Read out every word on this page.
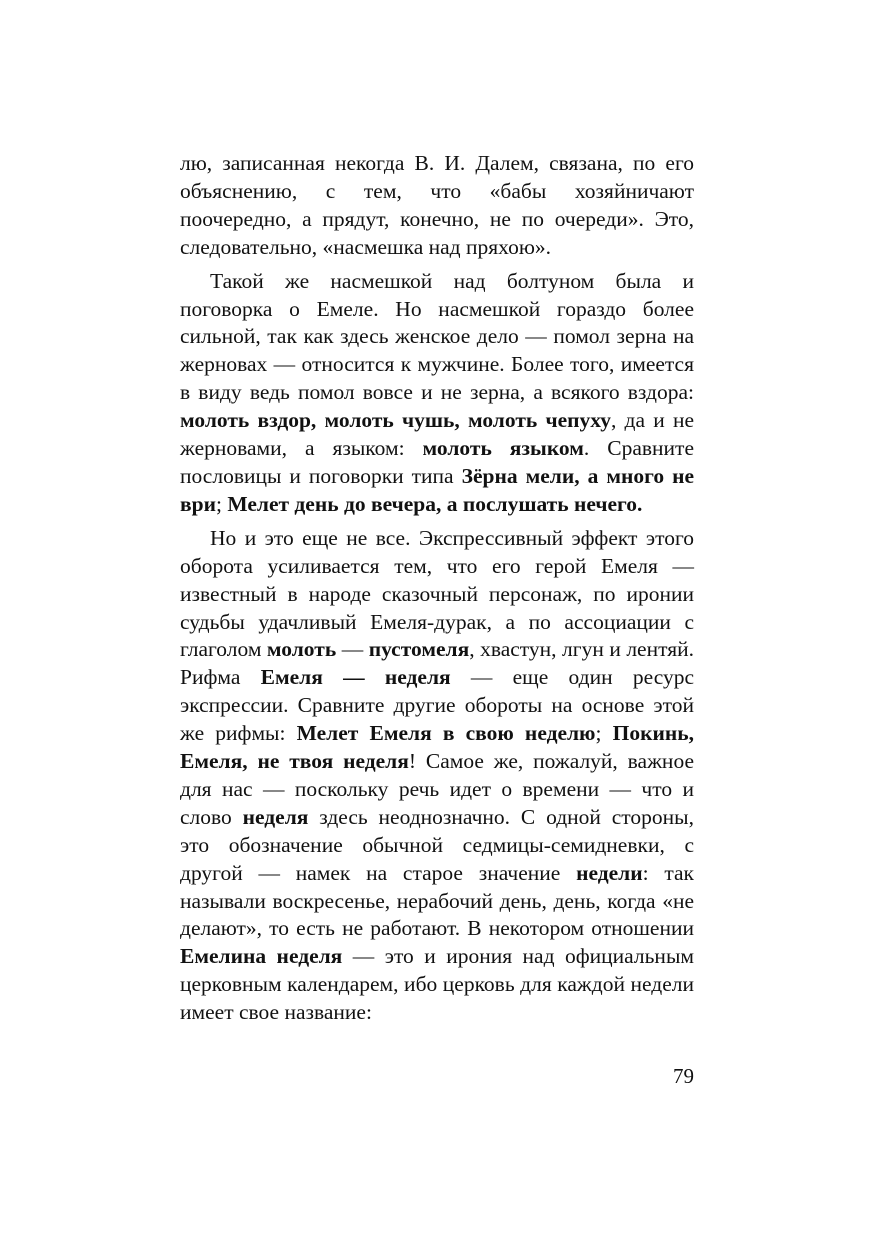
лю, записанная некогда В. И. Далем, связана, по его объяснению, с тем, что «бабы хозяйничают поочередно, а прядут, конечно, не по очереди». Это, следовательно, «насмешка над пряхою».

Такой же насмешкой над болтуном была и поговорка о Емеле. Но насмешкой гораздо более сильной, так как здесь женское дело — помол зерна на жерновах — относится к мужчине. Более того, имеется в виду ведь помол вовсе и не зерна, а всякого вздора: молоть вздор, молоть чушь, молоть чепуху, да и не жерновами, а языком: молоть языком. Сравните пословицы и поговорки типа Зёрна мели, а много не ври; Мелет день до вечера, а послушать нечего.

Но и это еще не все. Экспрессивный эффект этого оборота усиливается тем, что его герой Емеля — известный в народе сказочный персонаж, по иронии судьбы удачливый Емеля-дурак, а по ассоциации с глаголом молоть — пустомеля, хвастун, лгун и лентяй. Рифма Емеля — неделя — еще один ресурс экспрессии. Сравните другие обороты на основе этой же рифмы: Мелет Емеля в свою неделю; Покинь, Емеля, не твоя неделя! Самое же, пожалуй, важное для нас — поскольку речь идет о времени — что и слово неделя здесь неоднозначно. С одной стороны, это обозначение обычной седмицы-семидневки, с другой — намек на старое значение недели: так называли воскресенье, нерабочий день, день, когда «не делают», то есть не работают. В некотором отношении Емелина неделя — это и ирония над официальным церковным календарем, ибо церковь для каждой недели имеет свое название:

79
